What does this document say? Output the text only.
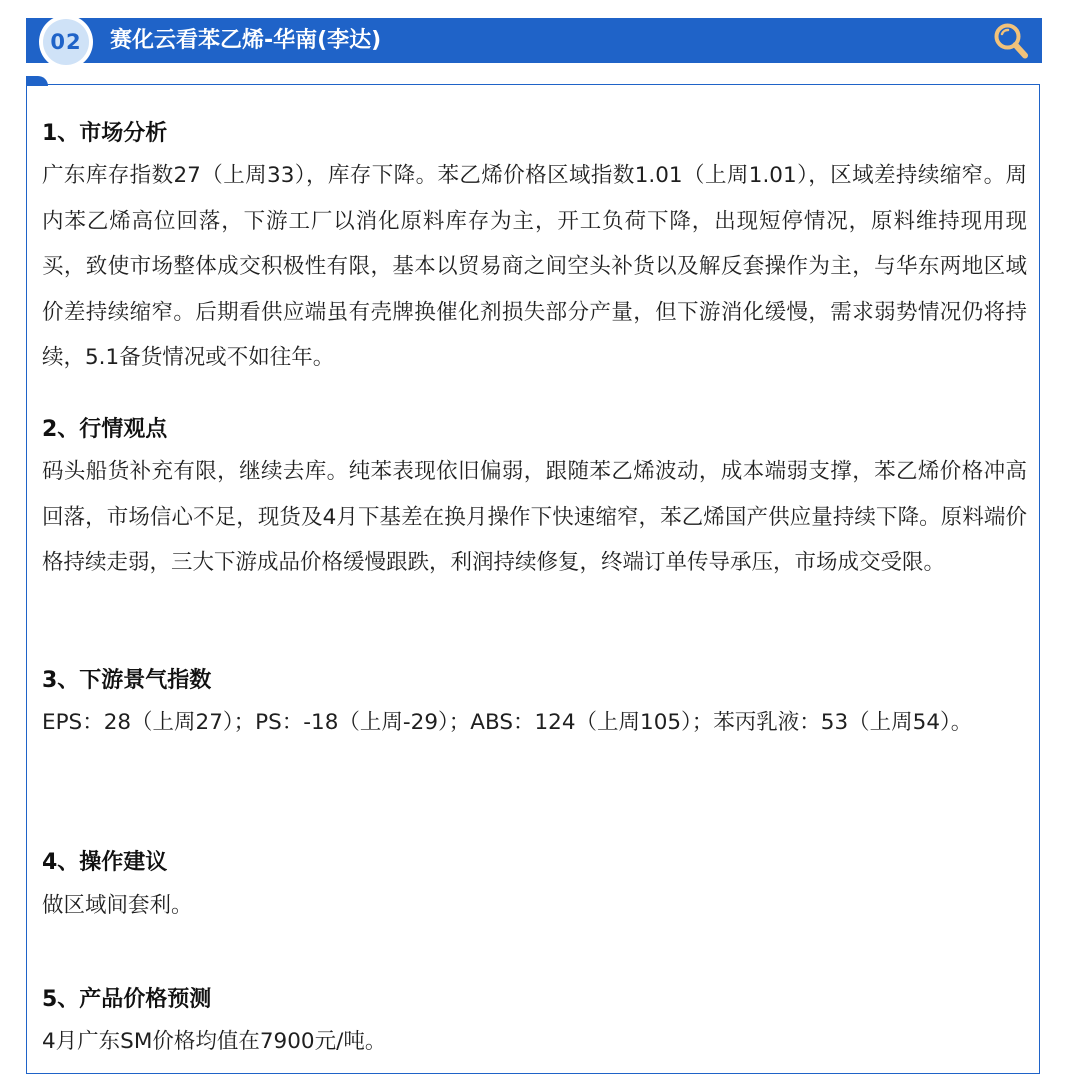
02	赛化云看苯乙烯-华南(李达)
1、市场分析
广东库存指数27（上周33），库存下降。苯乙烯价格区域指数1.01（上周1.01），区域差持续缩窄。周内苯乙烯高位回落，下游工厂以消化原料库存为主，开工负荷下降，出现短停情况，原料维持现用现买，致使市场整体成交积极性有限，基本以贸易商之间空头补货以及解反套操作为主，与华东两地区域价差持续缩窄。后期看供应端虽有壳牌换催化剂损失部分产量，但下游消化缓慢，需求弱势情况仍将持续，5.1备货情况或不如往年。
2、行情观点
码头船货补充有限，继续去库。纯苯表现依旧偏弱，跟随苯乙烯波动，成本端弱支撑，苯乙烯价格冲高回落，市场信心不足，现货及4月下基差在换月操作下快速缩窄，苯乙烯国产供应量持续下降。原料端价格持续走弱，三大下游成品价格缓慢跟跌，利润持续修复，终端订单传导承压，市场成交受限。
3、下游景气指数
EPS：28（上周27）；PS：-18（上周-29）；ABS：124（上周105）；苯丙乳液：53（上周54）。
4、操作建议
做区域间套利。
5、产品价格预测
4月广东SM价格均值在7900元/吨。
